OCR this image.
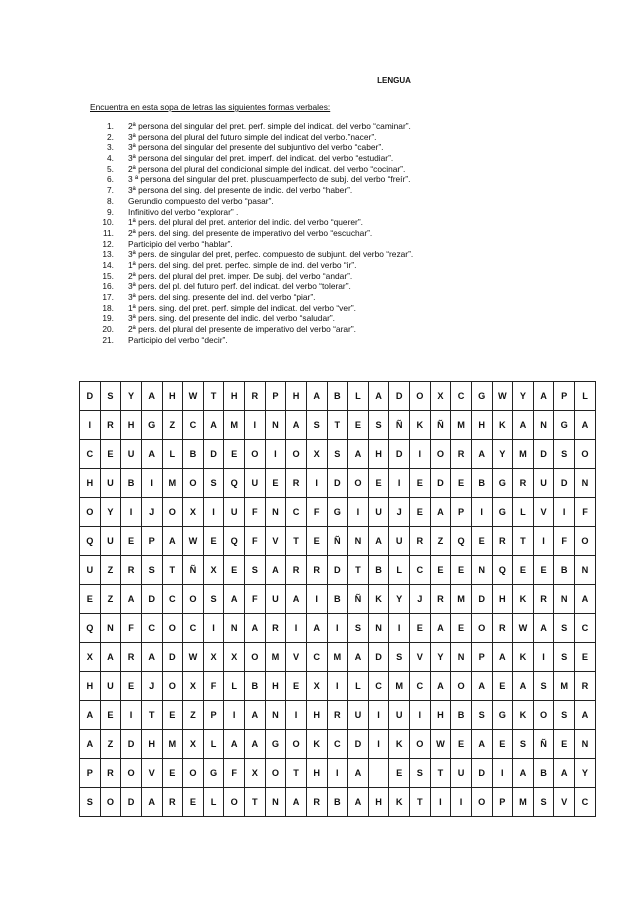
LENGUA
Encuentra en esta sopa de letras las siguientes formas verbales:
1.	2ª persona del singular del pret. perf. simple del indicat. del verbo “caminar”.
2.	3ª persona del plural del futuro simple del indicat del verbo.”nacer”.
3.	3ª persona del singular del presente del subjuntivo del verbo “caber”.
4.	3ª persona del singular del pret. imperf. del indicat. del verbo “estudiar”.
5.	2ª persona del plural del condicional simple del indicat. del verbo “cocinar”.
6.	3 ª persona del singular del pret. pluscuamperfecto de subj. del verbo “freír”.
7.	3ª persona del sing. del presente de indic. del verbo “haber”.
8.	Gerundio compuesto del verbo “pasar”.
9.	Infinitivo del verbo “explorar” .
10.	1ª pers. del plural del pret. anterior del indic. del verbo “querer”.
11.	2ª pers. del sing. del presente de imperativo del verbo “escuchar”.
12.	Participio del verbo “hablar”.
13.	3ª pers. de singular del pret, perfec. compuesto de subjunt. del verbo “rezar”.
14.	1ª pers. del sing. del pret. perfec. simple de ind. del verbo “ir”.
15.	2ª pers. del plural del pret. imper. De subj. del verbo “andar”.
16.	3ª pers. del pl. del futuro perf. del indicat. del verbo “tolerar”.
17.	3ª pers. del sing. presente del ind. del verbo “piar”.
18.	1ª pers. sing. del pret. perf. simple del indicat. del verbo “ver”.
19.	3ª pers. sing. del presente del indic. del verbo “saludar”.
20.	2ª pers. del plural del presente de imperativo del verbo “arar”.
21.	Participio del verbo “decir”.
D	S	Y	A	H	W	T	H	R	P	H	A	B	L	A	D	O	X	C	G	W	Y	A	P	L
I	R	H	G	Z	C	A	M	I	N	A	S	T	E	S	Ñ	K	Ñ	M	H	K	A	N	G	A
C	E	U	A	L	B	D	E	O	I	O	X	S	A	H	D	I	O	R	A	Y	M	D	S	O
H	U	B	I	M	O	S	Q	U	E	R	I	D	O	E	I	E	D	E	B	G	R	U	D	N
O	Y	I	J	O	X	I	U	F	N	C	F	G	I	U	J	E	A	P	I	G	L	V	I	F
Q	U	E	P	A	W	E	Q	F	V	T	E	Ñ	N	A	U	R	Z	Q	E	R	T	I	F	O
U	Z	R	S	T	Ñ	X	E	S	A	R	R	D	T	B	L	C	E	E	N	Q	E	E	B	N
E	Z	A	D	C	O	S	A	F	U	A	I	B	Ñ	K	Y	J	R	M	D	H	K	R	N	A
Q	N	F	C	O	C	I	N	A	R	I	A	I	S	N	I	E	A	E	O	R	W	A	S	C
X	A	R	A	D	W	X	X	O	M	V	C	M	A	D	S	V	Y	N	P	A	K	I	S	E
H	U	E	J	O	X	F	L	B	H	E	X	I	L	C	M	C	A	O	A	E	A	S	M	R
A	E	I	T	E	Z	P	I	A	N	I	H	R	U	I	U	I	H	B	S	G	K	O	S	A
A	Z	D	H	M	X	L	A	A	G	O	K	C	D	I	K	O	W	E	A	E	S	Ñ	E	N
P	R	O	V	E	O	G	F	X	O	T	H	I	A		E	S	T	U	D	I	A	B	A	Y
S	O	D	A	R	E	L	O	T	N	A	R	B	A	H	K	T	I	I	O	P	M	S	V	C
